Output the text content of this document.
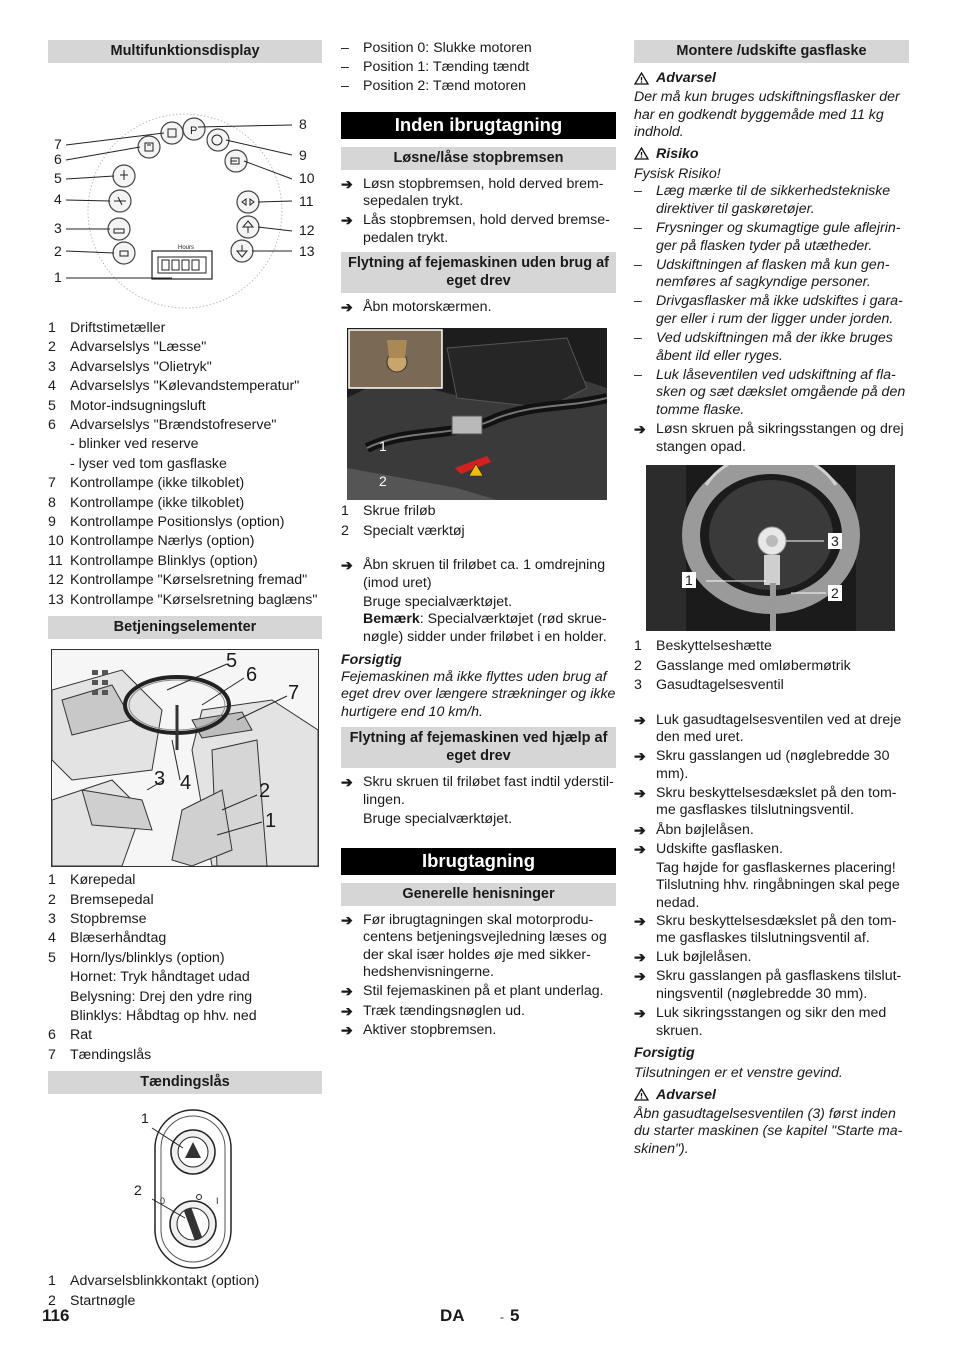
Multifunktionsdisplay
P
Hours
1
2
3
4
5
6
7
8
9
10
11
12
13
1 Driftstimetæller
2 Advarselslys "Læsse"
3 Advarselslys "Olietryk"
4 Advarselslys "Kølevandstemperatur"
5 Motor-indsugningsluft
6 Advarselslys "Brændstofreserve"
- blinker ved reserve
- lyser ved tom gasflaske
7 Kontrollampe (ikke tilkoblet)
8 Kontrollampe (ikke tilkoblet)
9 Kontrollampe Positionslys (option)
10 Kontrollampe Nærlys (option)
11 Kontrollampe Blinklys (option)
12 Kontrollampe "Kørselsretning fremad"
13 Kontrollampe "Kørselsretning baglæns"
Betjeningselementer
5
6
7
3 4	2
1
1 Kørepedal
2 Bremsepedal
3 Stopbremse
4 Blæserhåndtag
5 Horn/lys/blinklys (option)
Hornet: Tryk håndtaget udad
Belysning: Drej den ydre ring
Blinklys: Håbdtag op hhv. ned
6 Rat
7 Tændingslås
Tændingslås
0	I
1
2
1 Advarselsblinkkontakt (option)
2 Startnøgle
– Position 0: Slukke motoren
– Position 1: Tænding tændt
– Position 2: Tænd motoren
Inden ibrugtagning
Løsne/låse stopbremsen
➔ Løsn stopbremsen, hold derved brem-sepedalen trykt.
➔ Lås stopbremsen, hold derved bremse-pedalen trykt.
Flytning af fejemaskinen uden brug af eget drev
➔ Åbn motorskærmen.
1
2
1 Skrue friløb
2 Specialt værktøj
➔ Åbn skruen til friløbet ca. 1 omdrejning (imod uret)
Bruge specialværktøjet.
Bemærk: Specialværktøjet (rød skrue-nøgle) sidder under friløbet i en holder.
Forsigtig
Fejemaskinen må ikke flyttes uden brug af eget drev over længere strækninger og ikke hurtigere end 10 km/h.
Flytning af fejemaskinen ved hjælp af eget drev
➔ Skru skruen til friløbet fast indtil yderstil-lingen.
Bruge specialværktøjet.
Ibrugtagning
Generelle henisninger
➔ Før ibrugtagningen skal motorprodu-centens betjeningsvejledning læses og der skal især holdes øje med sikker-hedshenvisningerne.
➔ Stil fejemaskinen på et plant underlag.
➔ Træk tændingsnøglen ud.
➔ Aktiver stopbremsen.
Montere /udskifte gasflaske
Advarsel
Der må kun bruges udskiftningsflasker der har en godkendt byggemåde med 11 kg indhold.
Risiko
Fysisk Risiko!
– Læg mærke til de sikkerhedstekniske direktiver til gaskøretøjer.
– Frysninger og skumagtige gule aflejrin-ger på flasken tyder på utætheder.
– Udskiftningen af flasken må kun gen-nemføres af sagkyndige personer.
– Drivgasflasker må ikke udskiftes i gara-ger eller i rum der ligger under jorden.
– Ved udskiftningen må der ikke bruges åbent ild eller ryges.
– Luk låseventilen ved udskiftning af fla-sken og sæt dækslet omgående på den tomme flaske.
➔ Løsn skruen på sikringsstangen og drej stangen opad.
1
2
3
1 Beskyttelseshætte
2 Gasslange med omløbermøtrik
3 Gasudtagelsesventil
➔ Luk gasudtagelsesventilen ved at dreje den med uret.
➔ Skru gasslangen ud (nøglebredde 30 mm).
➔ Skru beskyttelsesdækslet på den tom-me gasflaskes tilslutningsventil.
➔ Åbn bøjlelåsen.
➔ Udskifte gasflasken.
Tag højde for gasflaskernes placering! Tilslutning hhv. ringåbningen skal pege nedad.
➔ Skru beskyttelsesdækslet på den tom-me gasflaskes tilslutningsventil af.
➔ Luk bøjlelåsen.
➔ Skru gasslangen på gasflaskens tilslut-ningsventil (nøglebredde 30 mm).
➔ Luk sikringsstangen og sikr den med skruen.
Forsigtig
Tilsutningen er et venstre gevind.
Advarsel
Åbn gasudtagelsesventilen (3) først inden du starter maskinen (se kapitel "Starte ma-skinen").
116	DA	- 5
